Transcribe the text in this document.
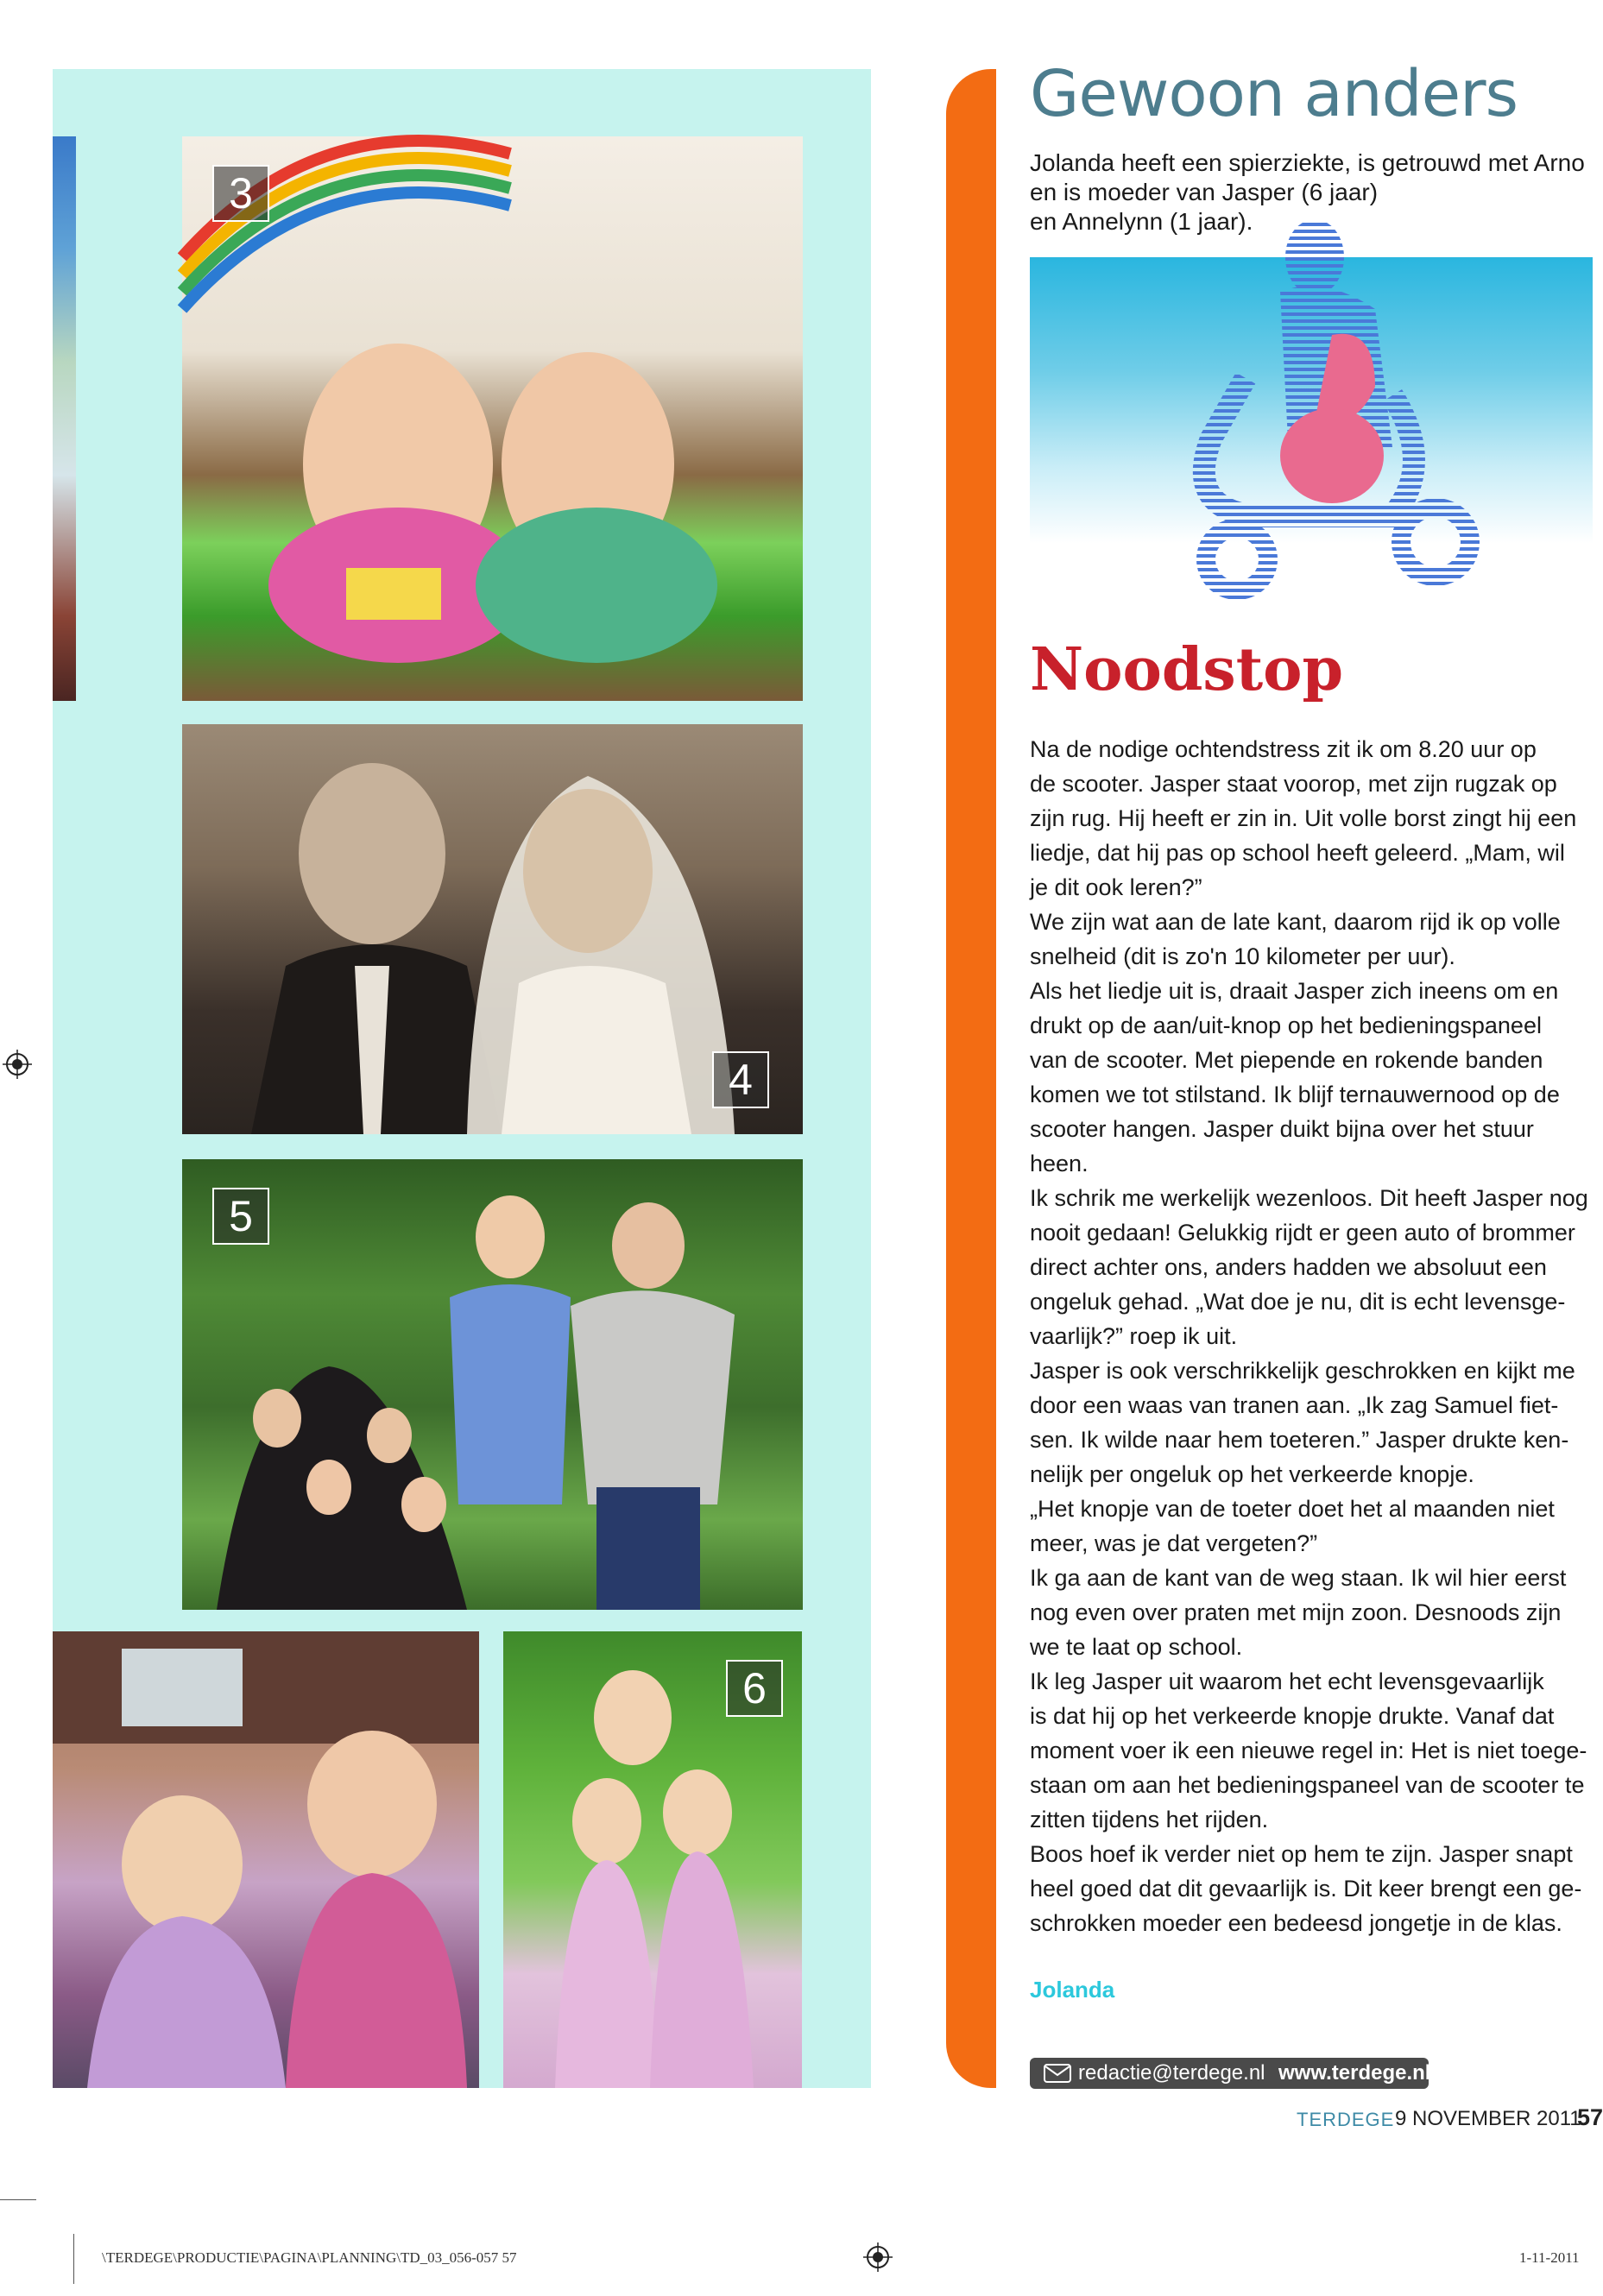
3
4
5
6
Gewoon anders
Jolanda heeft een spierziekte, is getrouwd met Arno
en is moeder van Jasper (6 jaar)
en Annelynn (1 jaar).
Noodstop

Na de nodige ochtendstress zit ik om 8.20 uur op

de scooter. Jasper staat voorop, met zijn rugzak op

zijn rug. Hij heeft er zin in. Uit volle borst zingt hij een

liedje, dat hij pas op school heeft geleerd. „Mam, wil

je dit ook leren?”

We zijn wat aan de late kant, daarom rijd ik op volle

snelheid (dit is zo'n 10 kilometer per uur).

Als het liedje uit is, draait Jasper zich ineens om en

drukt op de aan/uit-knop op het bedieningspaneel

van de scooter. Met piepende en rokende banden

komen we tot stilstand. Ik blijf ternauwernood op de

scooter hangen. Jasper duikt bijna over het stuur

heen.

Ik schrik me werkelijk wezenloos. Dit heeft Jasper nog

nooit gedaan! Gelukkig rijdt er geen auto of brommer

direct achter ons, anders hadden we absoluut een

ongeluk gehad. „Wat doe je nu, dit is echt levensge-

vaarlijk?” roep ik uit.

Jasper is ook verschrikkelijk geschrokken en kijkt me

door een waas van tranen aan. „Ik zag Samuel fiet-

sen. Ik wilde naar hem toeteren.” Jasper drukte ken-

nelijk per ongeluk op het verkeerde knopje.

„Het knopje van de toeter doet het al maanden niet

meer, was je dat vergeten?”

Ik ga aan de kant van de weg staan. Ik wil hier eerst

nog even over praten met mijn zoon. Desnoods zijn

we te laat op school.

Ik leg Jasper uit waarom het echt levensgevaarlijk

is dat hij op het verkeerde knopje drukte. Vanaf dat

moment voer ik een nieuwe regel in: Het is niet toege-

staan om aan het bedieningspaneel van de scooter te

zitten tijdens het rijden.

Boos hoef ik verder niet op hem te zijn. Jasper snapt

heel goed dat dit gevaarlijk is. Dit keer brengt een ge-

schrokken moeder een bedeesd jongetje in de klas.

Jolanda
redactie@terdege.nl www.terdege.nl
TERDEGE 9 NOVEMBER 2011
57
\TERDEGE\PRODUCTIE\PAGINA\PLANNING\TD_03_056-057 57	1-11-2011
